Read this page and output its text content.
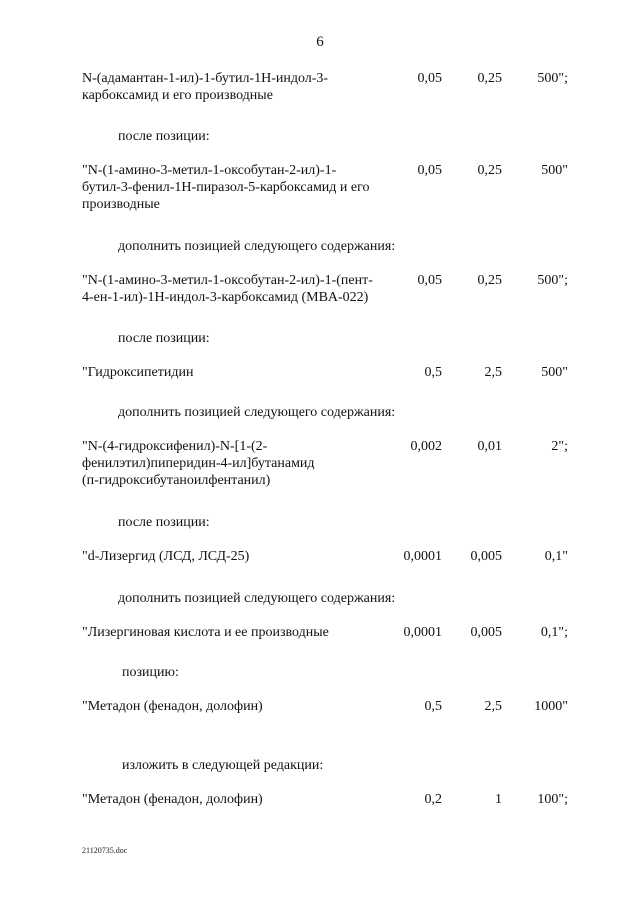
6
N-(адамантан-1-ил)-1-бутил-1H-индол-3-
карбоксамид и его производные
0,05	0,25	500";
после позиции:
"N-(1-амино-3-метил-1-оксобутан-2-ил)-1-
бутил-3-фенил-1H-пиразол-5-карбоксамид и его
производные
0,05	0,25	500"
дополнить позицией следующего содержания:
"N-(1-амино-3-метил-1-оксобутан-2-ил)-1-(пент-
4-ен-1-ил)-1H-индол-3-карбоксамид (MBA-022)
0,05	0,25	500";
после позиции:
"Гидроксипетидин	0,5	2,5	500"
дополнить позицией следующего содержания:
"N-(4-гидроксифенил)-N-[1-(2-
фенилэтил)пиперидин-4-ил]бутанамид
(п-гидроксибутаноилфентанил)
0,002	0,01	2";
после позиции:
"d-Лизергид (ЛСД, ЛСД-25)	0,0001	0,005	0,1"
дополнить позицией следующего содержания:
"Лизергиновая кислота и ее производные	0,0001	0,005	0,1";
позицию:
"Метадон (фенадон, долофин)	0,5	2,5	1000"
изложить в следующей редакции:
"Метадон (фенадон, долофин)	0,2	1	100";
21120735.doc
